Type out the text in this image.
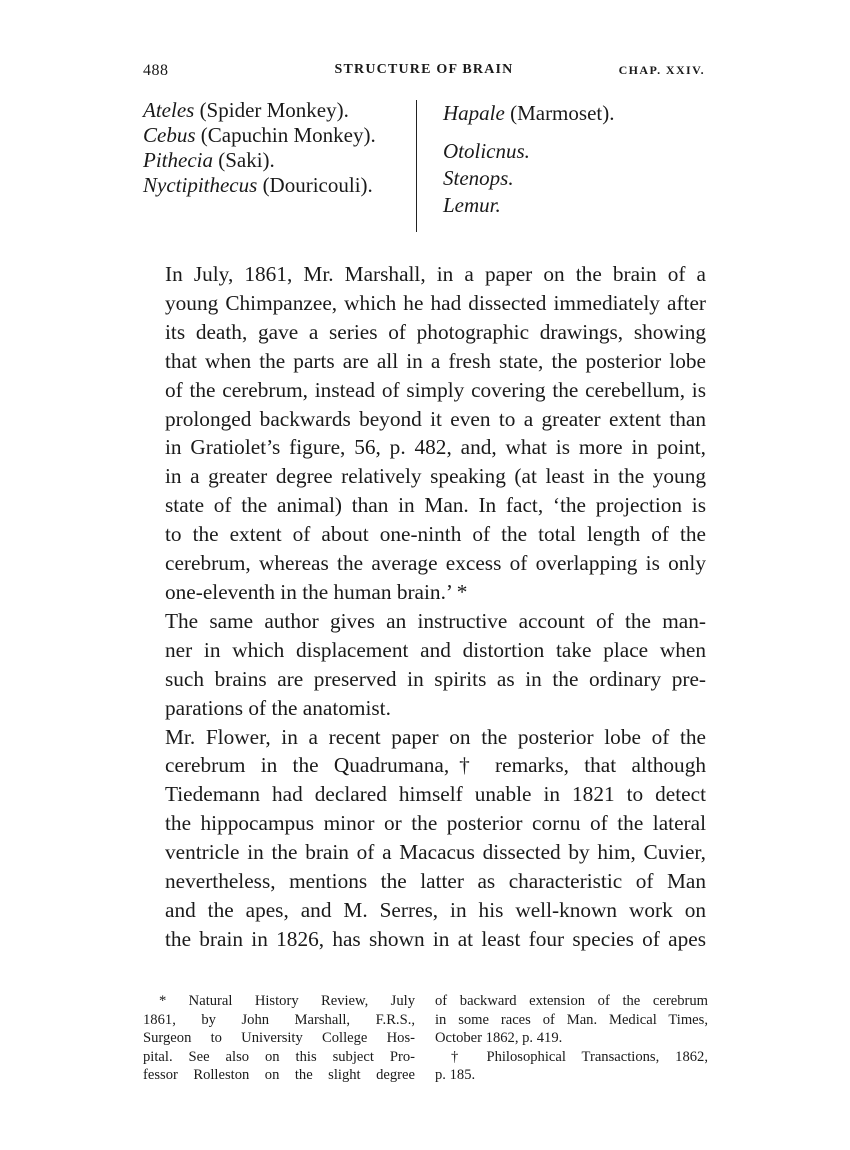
488	STRUCTURE OF BRAIN	CHAP. XXIV.
Ateles (Spider Monkey).
Cebus (Capuchin Monkey).
Pithecia (Saki).
Nyctipithecus (Douricouli).
Hapale (Marmoset).
Otolicnus.
Stenops.
Lemur.

In July, 1861, Mr. Marshall, in a paper on the brain of a
young Chimpanzee, which he had dissected immediately after
its death, gave a series of photographic drawings, showing
that when the parts are all in a fresh state, the posterior lobe
of the cerebrum, instead of simply covering the cerebellum, is
prolonged backwards beyond it even to a greater extent than
in Gratiolet’s figure, 56, p. 482, and, what is more in point,
in a greater degree relatively speaking (at least in the young
state of the animal) than in Man. In fact, ‘the projection is
to the extent of about one-ninth of the total length of the
cerebrum, whereas the average excess of overlapping is only
one-eleventh in the human brain.’ *

The same author gives an instructive account of the man-
ner in which displacement and distortion take place when
such brains are preserved in spirits as in the ordinary pre-
parations of the anatomist.

Mr. Flower, in a recent paper on the posterior lobe of the
cerebrum in the Quadrumana,† remarks, that although
Tiedemann had declared himself unable in 1821 to detect
the hippocampus minor or the posterior cornu of the lateral
ventricle in the brain of a Macacus dissected by him, Cuvier,
nevertheless, mentions the latter as characteristic of Man
and the apes, and M. Serres, in his well-known work on
the brain in 1826, has shown in at least four species of apes

* Natural History Review, July
1861, by John Marshall, F.R.S.,
Surgeon to University College Hos-
pital. See also on this subject Pro-
fessor Rolleston on the slight degree
of backward extension of the cerebrum
in some races of Man. Medical Times,
October 1862, p. 419.
† Philosophical Transactions, 1862,
p. 185.
